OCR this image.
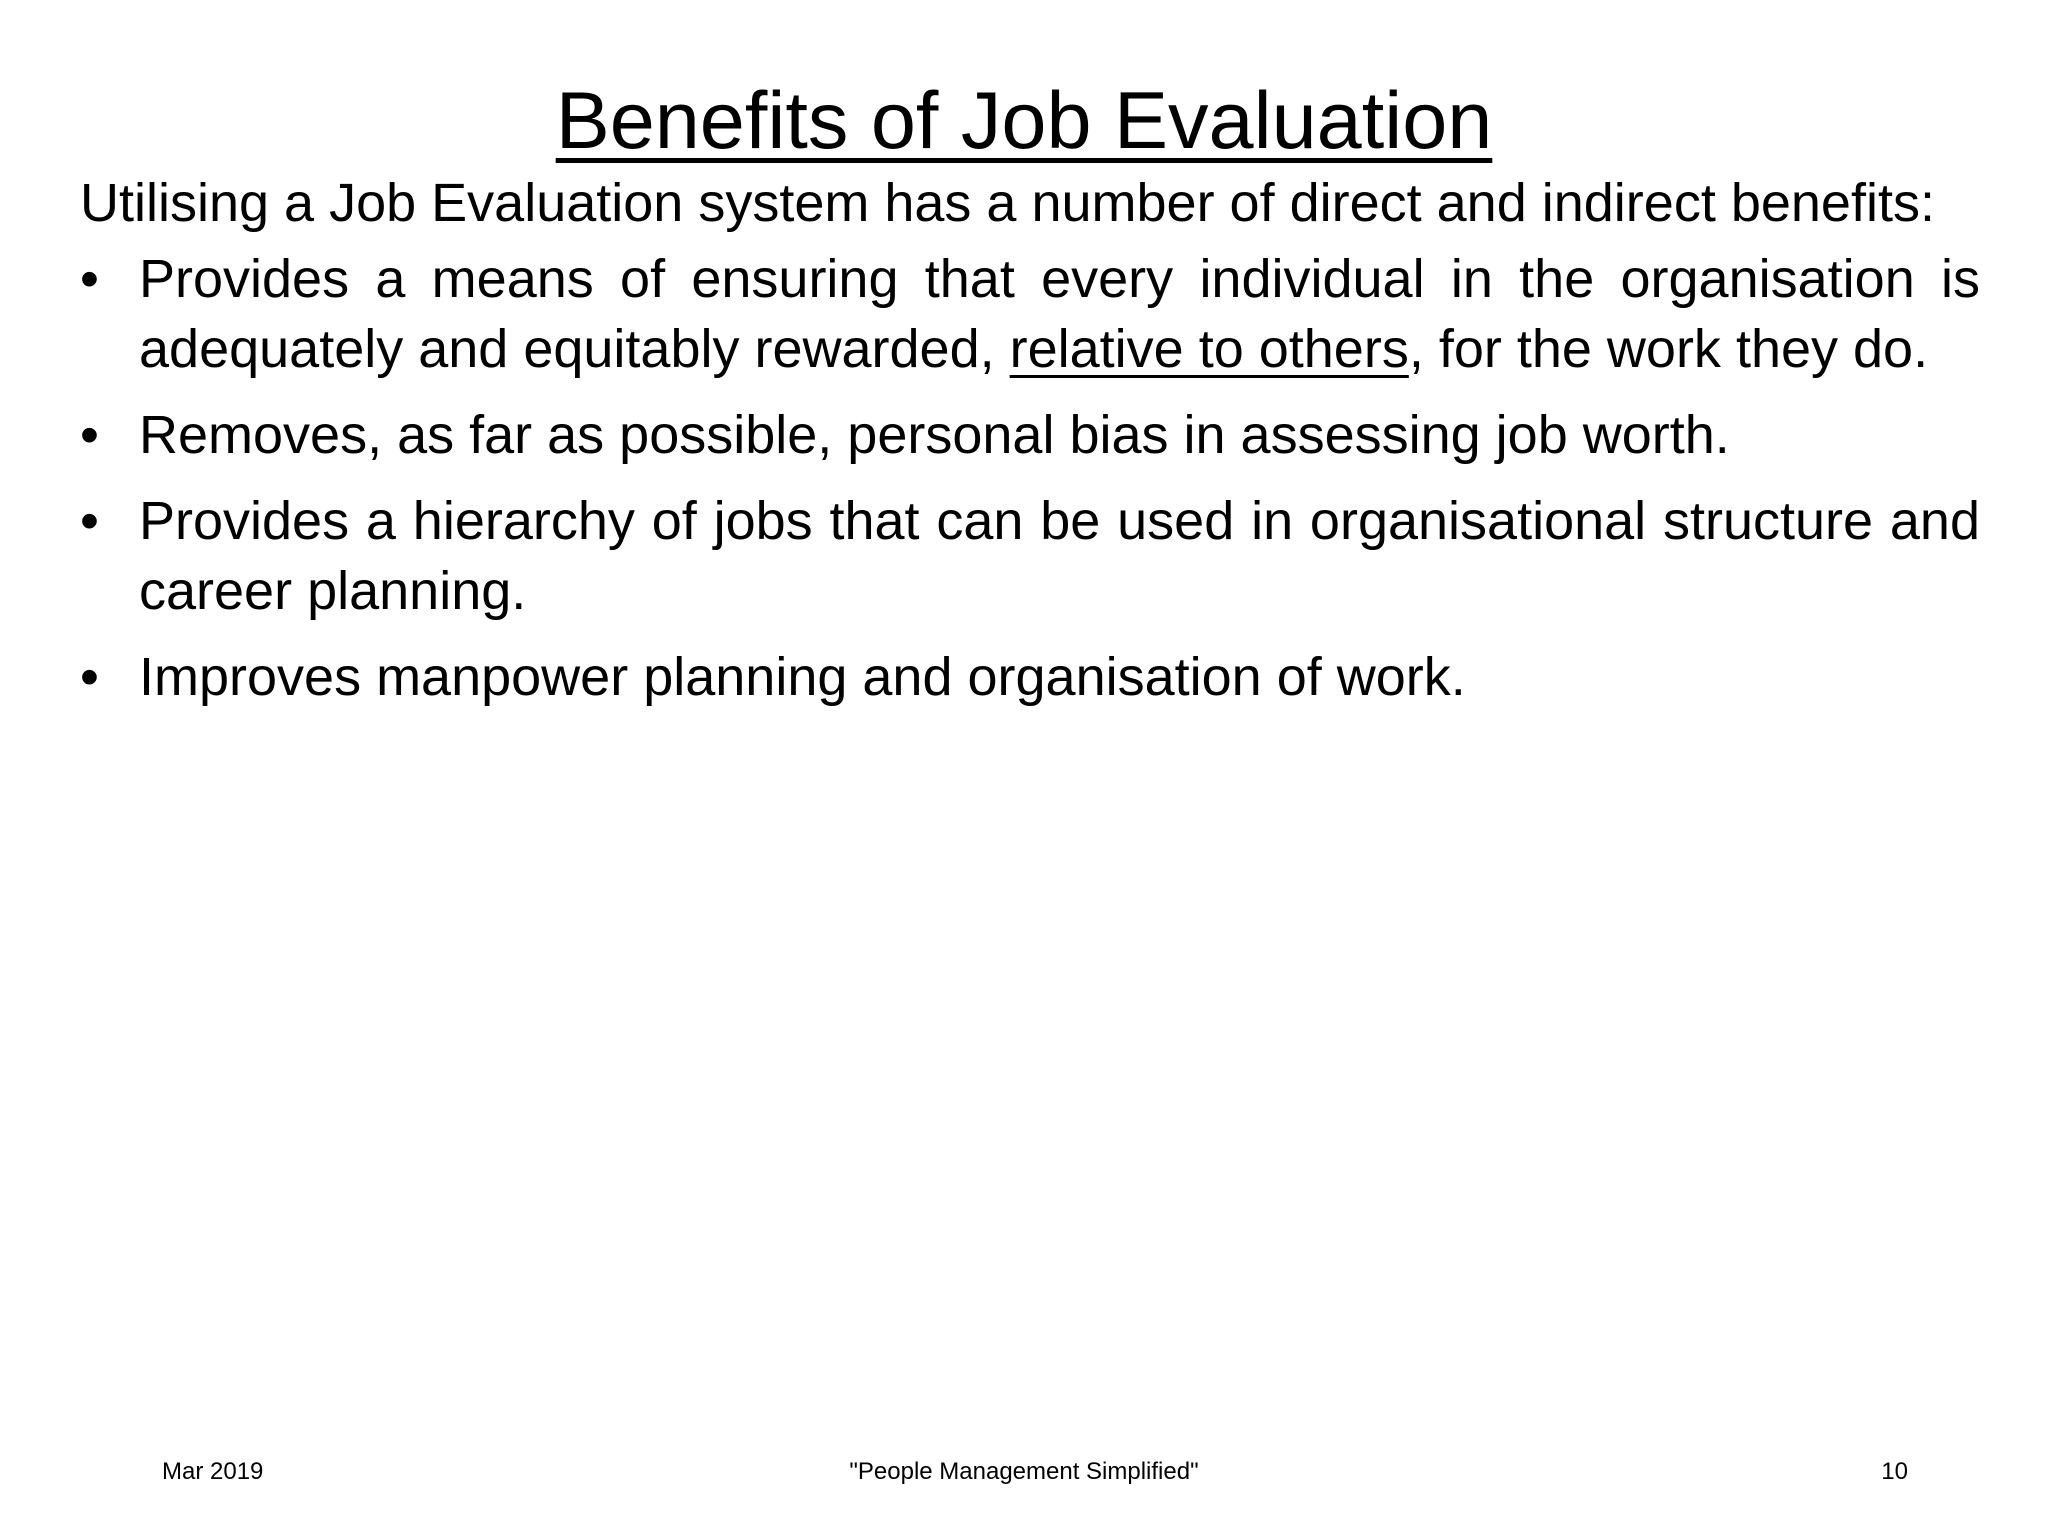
Benefits of Job Evaluation

Utilising a Job Evaluation system has a number of direct and indirect benefits:

• Provides a means of ensuring that every individual in the organisation is adequately and equitably rewarded, relative to others, for the work they do.
• Removes, as far as possible, personal bias in assessing job worth.
• Provides a hierarchy of jobs that can be used in organisational structure and career planning.
• Improves manpower planning and organisation of work.
Mar 2019	"People Management Simplified"	10
